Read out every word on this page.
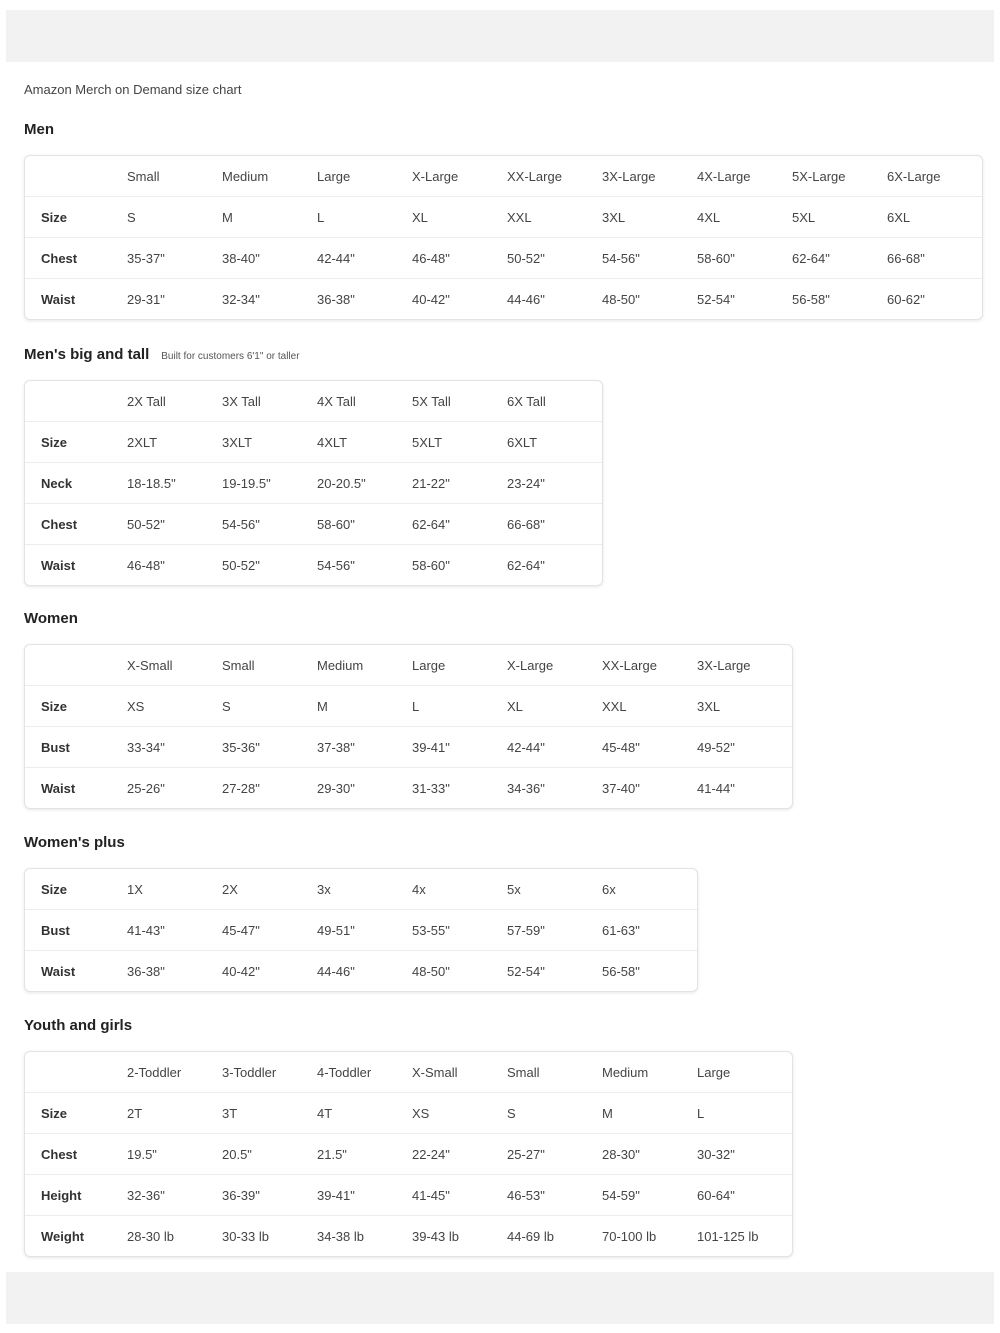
Amazon Merch on Demand size chart
Men
	Small	Medium	Large	X-Large	XX-Large	3X-Large	4X-Large	5X-Large	6X-Large
Size	S	M	L	XL	XXL	3XL	4XL	5XL	6XL
Chest	35-37"	38-40"	42-44"	46-48"	50-52"	54-56"	58-60"	62-64"	66-68"
Waist	29-31"	32-34"	36-38"	40-42"	44-46"	48-50"	52-54"	56-58"	60-62"
Men's big and tall Built for customers 6'1" or taller
	2X Tall	3X Tall	4X Tall	5X Tall	6X Tall
Size	2XLT	3XLT	4XLT	5XLT	6XLT
Neck	18-18.5"	19-19.5"	20-20.5"	21-22"	23-24"
Chest	50-52"	54-56"	58-60"	62-64"	66-68"
Waist	46-48"	50-52"	54-56"	58-60"	62-64"
Women
	X-Small	Small	Medium	Large	X-Large	XX-Large	3X-Large
Size	XS	S	M	L	XL	XXL	3XL
Bust	33-34"	35-36"	37-38"	39-41"	42-44"	45-48"	49-52"
Waist	25-26"	27-28"	29-30"	31-33"	34-36"	37-40"	41-44"
Women's plus
Size	1X	2X	3x	4x	5x	6x
Bust	41-43"	45-47"	49-51"	53-55"	57-59"	61-63"
Waist	36-38"	40-42"	44-46"	48-50"	52-54"	56-58"
Youth and girls
	2-Toddler	3-Toddler	4-Toddler	X-Small	Small	Medium	Large
Size	2T	3T	4T	XS	S	M	L
Chest	19.5"	20.5"	21.5"	22-24"	25-27"	28-30"	30-32"
Height	32-36"	36-39"	39-41"	41-45"	46-53"	54-59"	60-64"
Weight	28-30 lb	30-33 lb	34-38 lb	39-43 lb	44-69 lb	70-100 lb	101-125 lb
